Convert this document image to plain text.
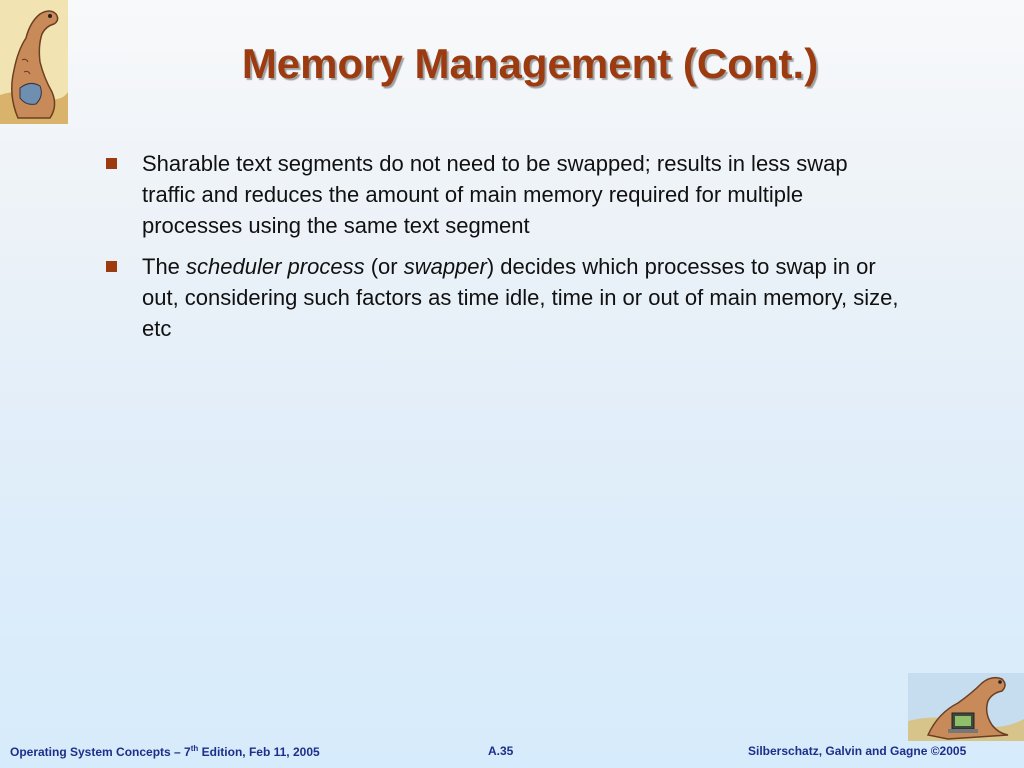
Memory Management (Cont.)
Sharable text segments do not need to be swapped; results in less swap traffic and reduces the amount of main memory required for multiple processes using the same text segment
The scheduler process (or swapper) decides which processes to swap in or out, considering such factors as time idle, time in or out of main memory, size, etc
Operating System Concepts – 7th Edition, Feb 11, 2005	A.35	Silberschatz, Galvin and Gagne ©2005
